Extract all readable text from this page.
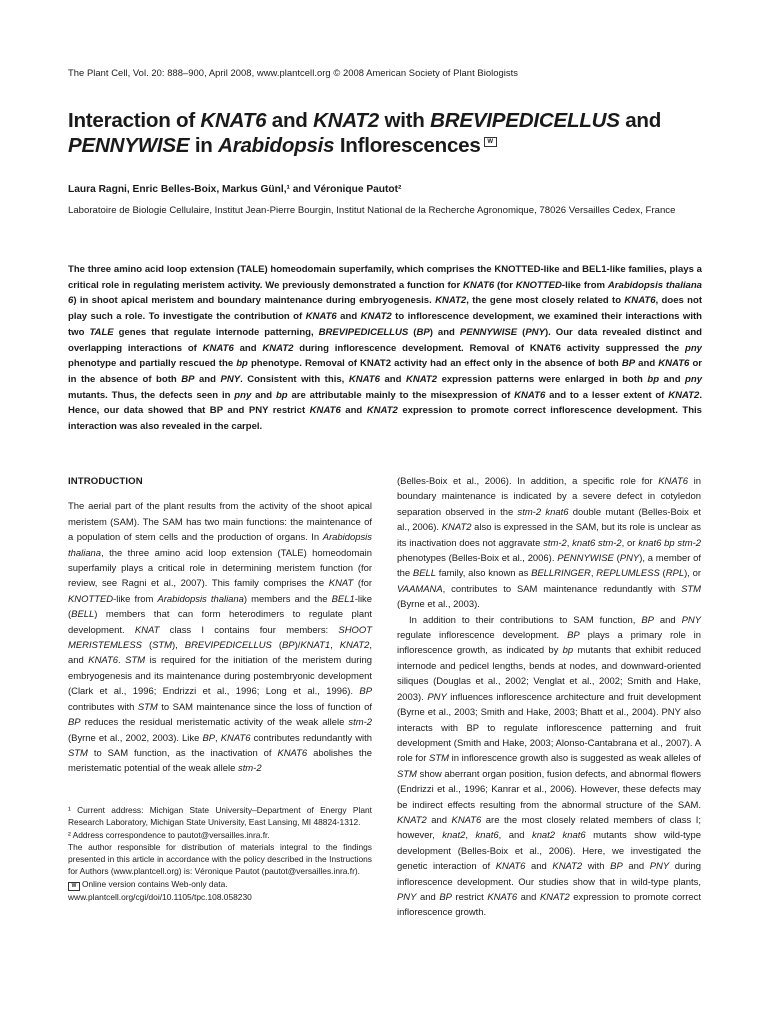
The Plant Cell, Vol. 20: 888–900, April 2008, www.plantcell.org © 2008 American Society of Plant Biologists
Interaction of KNAT6 and KNAT2 with BREVIPEDICELLUS and
PENNYWISE in Arabidopsis Inflorescences W
Laura Ragni, Enric Belles-Boix, Markus Günl,¹ and Véronique Pautot²
Laboratoire de Biologie Cellulaire, Institut Jean-Pierre Bourgin, Institut National de la Recherche Agronomique, 78026 Versailles Cedex, France

The three amino acid loop extension (TALE) homeodomain superfamily, which comprises the KNOTTED-like and BEL1-like families, plays a critical role in regulating meristem activity. We previously demonstrated a function for KNAT6 (for KNOTTED-like from Arabidopsis thaliana 6) in shoot apical meristem and boundary maintenance during embryogenesis. KNAT2, the gene most closely related to KNAT6, does not play such a role. To investigate the contribution of KNAT6 and KNAT2 to inflorescence development, we examined their interactions with two TALE genes that regulate internode patterning, BREVIPEDICELLUS (BP) and PENNYWISE (PNY). Our data revealed distinct and overlapping interactions of KNAT6 and KNAT2 during inflorescence development. Removal of KNAT6 activity suppressed the pny phenotype and partially rescued the bp phenotype. Removal of KNAT2 activity had an effect only in the absence of both BP and KNAT6 or in the absence of both BP and PNY. Consistent with this, KNAT6 and KNAT2 expression patterns were enlarged in both bp and pny mutants. Thus, the defects seen in pny and bp are attributable mainly to the misexpression of KNAT6 and to a lesser extent of KNAT2. Hence, our data showed that BP and PNY restrict KNAT6 and KNAT2 expression to promote correct inflorescence development. This interaction was also revealed in the carpel.

INTRODUCTION

The aerial part of the plant results from the activity of the shoot apical meristem (SAM). The SAM has two main functions: the maintenance of a population of stem cells and the production of organs. In Arabidopsis thaliana, the three amino acid loop extension (TALE) homeodomain superfamily plays a critical role in determining meristem function (for review, see Ragni et al., 2007). This family comprises the KNAT (for KNOTTED-like from Arabidopsis thaliana) members and the BEL1-like (BELL) members that can form heterodimers to regulate plant development. KNAT class I contains four members: SHOOT MERISTEMLESS (STM), BREVIPEDICELLUS (BP)/KNAT1, KNAT2, and KNAT6. STM is required for the initiation of the meristem during embryogenesis and its maintenance during postembryonic development (Clark et al., 1996; Endrizzi et al., 1996; Long et al., 1996). BP contributes with STM to SAM maintenance since the loss of function of BP reduces the residual meristematic activity of the weak allele stm-2 (Byrne et al., 2002, 2003). Like BP, KNAT6 contributes redundantly with STM to SAM function, as the inactivation of KNAT6 abolishes the meristematic potential of the weak allele stm-2

¹ Current address: Michigan State University–Department of Energy Plant Research Laboratory, Michigan State University, East Lansing, MI 48824-1312.
² Address correspondence to pautot@versailles.inra.fr.
The author responsible for distribution of materials integral to the findings presented in this article in accordance with the policy described in the Instructions for Authors (www.plantcell.org) is: Véronique Pautot (pautot@versailles.inra.fr).
W Online version contains Web-only data.
www.plantcell.org/cgi/doi/10.1105/tpc.108.058230

(Belles-Boix et al., 2006). In addition, a specific role for KNAT6 in boundary maintenance is indicated by a severe defect in cotyledon separation observed in the stm-2 knat6 double mutant (Belles-Boix et al., 2006). KNAT2 also is expressed in the SAM, but its role is unclear as its inactivation does not aggravate stm-2, knat6 stm-2, or knat6 bp stm-2 phenotypes (Belles-Boix et al., 2006). PENNYWISE (PNY), a member of the BELL family, also known as BELLRINGER, REPLUMLESS (RPL), or VAAMANA, contributes to SAM maintenance redundantly with STM (Byrne et al., 2003).

In addition to their contributions to SAM function, BP and PNY regulate inflorescence development. BP plays a primary role in inflorescence growth, as indicated by bp mutants that exhibit reduced internode and pedicel lengths, bends at nodes, and downward-oriented siliques (Douglas et al., 2002; Venglat et al., 2002; Smith and Hake, 2003). PNY influences inflorescence architecture and fruit development (Byrne et al., 2003; Smith and Hake, 2003; Bhatt et al., 2004). PNY also interacts with BP to regulate inflorescence patterning and fruit development (Smith and Hake, 2003; Alonso-Cantabrana et al., 2007). A role for STM in inflorescence growth also is suggested as weak alleles of STM show aberrant organ position, fusion defects, and abnormal flowers (Endrizzi et al., 1996; Kanrar et al., 2006). However, these defects may be indirect effects resulting from the abnormal structure of the SAM. KNAT2 and KNAT6 are the most closely related members of class I; however, knat2, knat6, and knat2 knat6 mutants show wild-type development (Belles-Boix et al., 2006). Here, we investigated the genetic interaction of KNAT6 and KNAT2 with BP and PNY during inflorescence development. Our studies show that in wild-type plants, PNY and BP restrict KNAT6 and KNAT2 expression to promote correct inflorescence growth.
